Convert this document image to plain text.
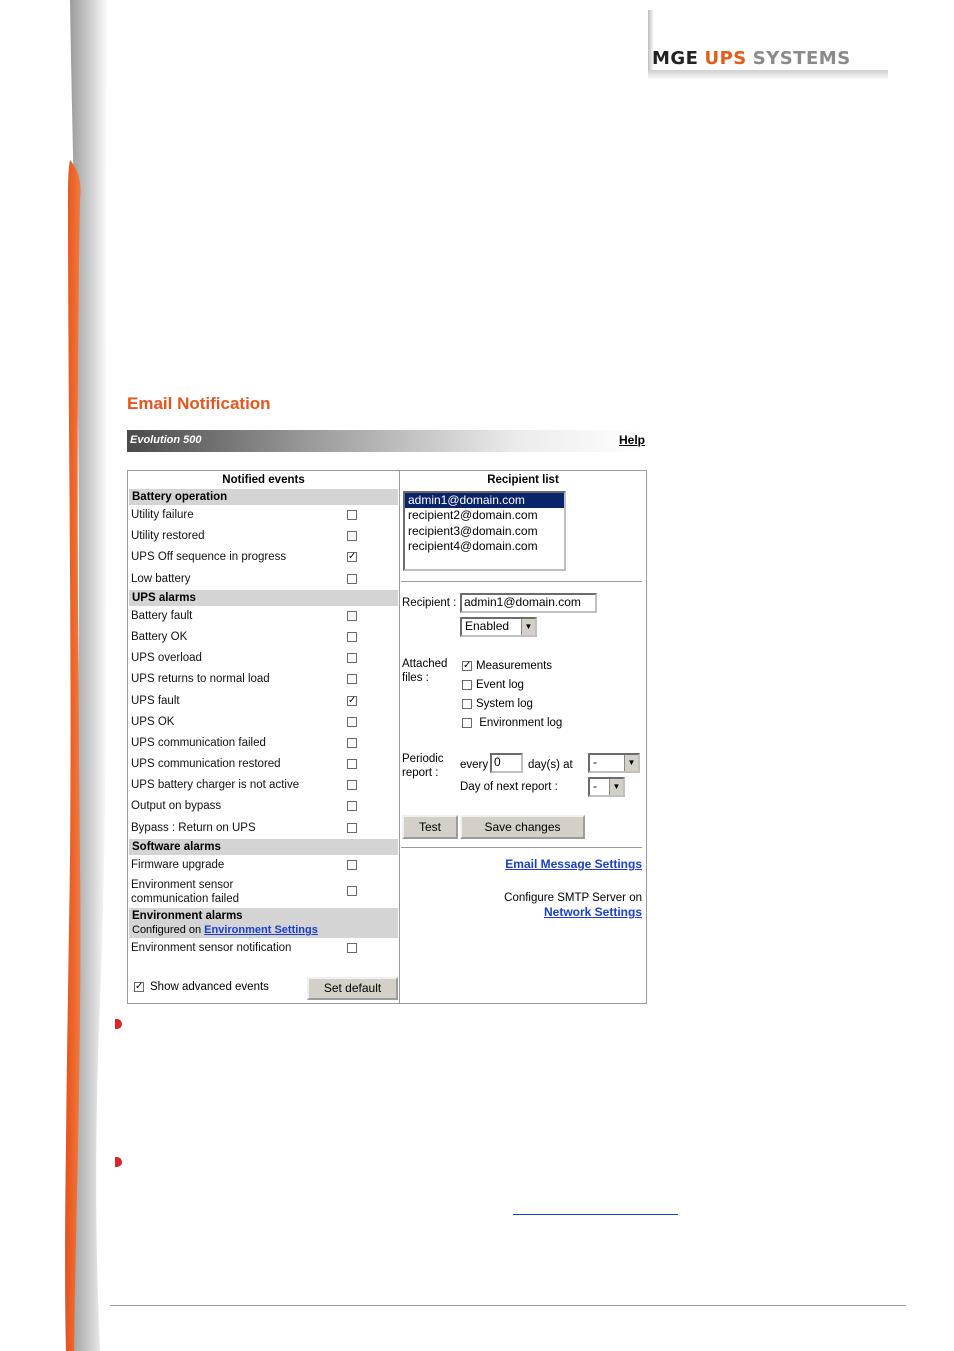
MGE UPS SYSTEMS
Email Notification
Evolution 500	Help
Notified events
Battery operation
Utility failure
Utility restored
UPS Off sequence in progress	✓
Low battery
UPS alarms
Battery fault
Battery OK
UPS overload
UPS returns to normal load
UPS fault	✓
UPS OK
UPS communication failed
UPS communication restored
UPS battery charger is not active
Output on bypass
Bypass : Return on UPS
Software alarms
Firmware upgrade
Environment sensor
communication failed
Environment alarms
Configured on Environment Settings
Environment sensor notification
✓ Show advanced events	Set default
Recipient list
admin1@domain.com
recipient2@domain.com
recipient3@domain.com
recipient4@domain.com
Recipient : admin1@domain.com
Enabled	▼
Attached
files :
✓ Measurements
Event log
System log
Environment log
Periodic
report :
every 0	day(s) at	-	▼
Day of next report :	-	▼
Test	Save changes
Email Message Settings
Configure SMTP Server on
Network Settings
